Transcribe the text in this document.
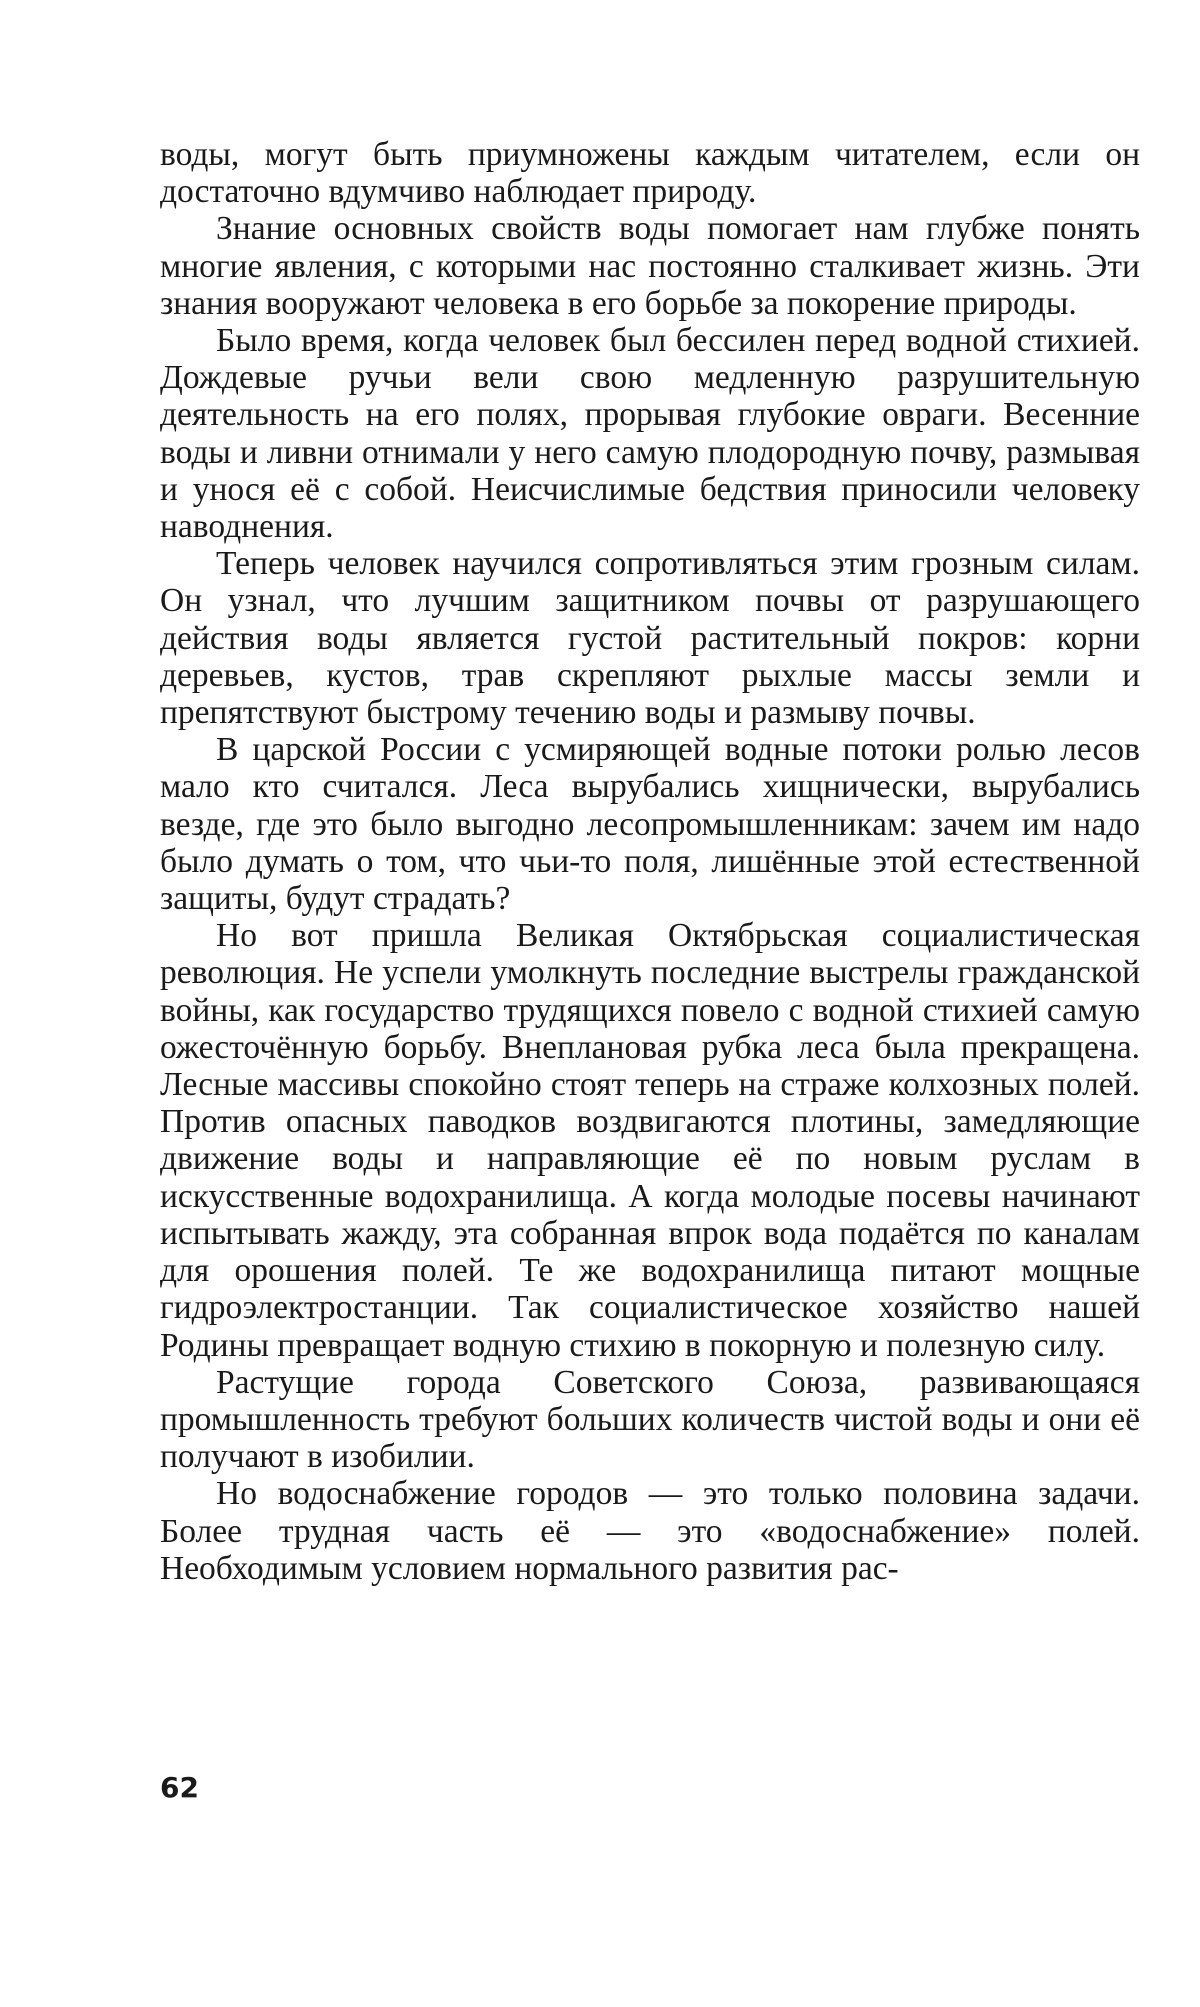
воды, могут быть приумножены каждым читателем, если он достаточно вдумчиво наблюдает природу.

Знание основных свойств воды помогает нам глубже понять многие явления, с которыми нас постоянно сталкивает жизнь. Эти знания вооружают человека в его борьбе за покорение природы.

Было время, когда человек был бессилен перед водной стихией. Дождевые ручьи вели свою медленную разрушительную деятельность на его полях, прорывая глубокие овраги. Весенние воды и ливни отнимали у него самую плодородную почву, размывая и унося её с собой. Неисчислимые бедствия приносили человеку наводнения.

Теперь человек научился сопротивляться этим грозным силам. Он узнал, что лучшим защитником почвы от разрушающего действия воды является густой растительный покров: корни деревьев, кустов, трав скрепляют рыхлые массы земли и препятствуют быстрому течению воды и размыву почвы.

В царской России с усмиряющей водные потоки ролью лесов мало кто считался. Леса вырубались хищнически, вырубались везде, где это было выгодно лесопромышленникам: зачем им надо было думать о том, что чьи-то поля, лишённые этой естественной защиты, будут страдать?

Но вот пришла Великая Октябрьская социалистическая революция. Не успели умолкнуть последние выстрелы гражданской войны, как государство трудящихся повело с водной стихией самую ожесточённую борьбу. Внеплановая рубка леса была прекращена. Лесные массивы спокойно стоят теперь на страже колхозных полей. Против опасных паводков воздвигаются плотины, замедляющие движение воды и направляющие её по новым руслам в искусственные водохранилища. А когда молодые посевы начинают испытывать жажду, эта собранная впрок вода подаётся по каналам для орошения полей. Те же водохранилища питают мощные гидроэлектростанции. Так социалистическое хозяйство нашей Родины превращает водную стихию в покорную и полезную силу.

Растущие города Советского Союза, развивающаяся промышленность требуют больших количеств чистой воды и они её получают в изобилии.

Но водоснабжение городов — это только половина задачи. Более трудная часть её — это «водоснабжение» полей. Необходимым условием нормального развития рас-

62
